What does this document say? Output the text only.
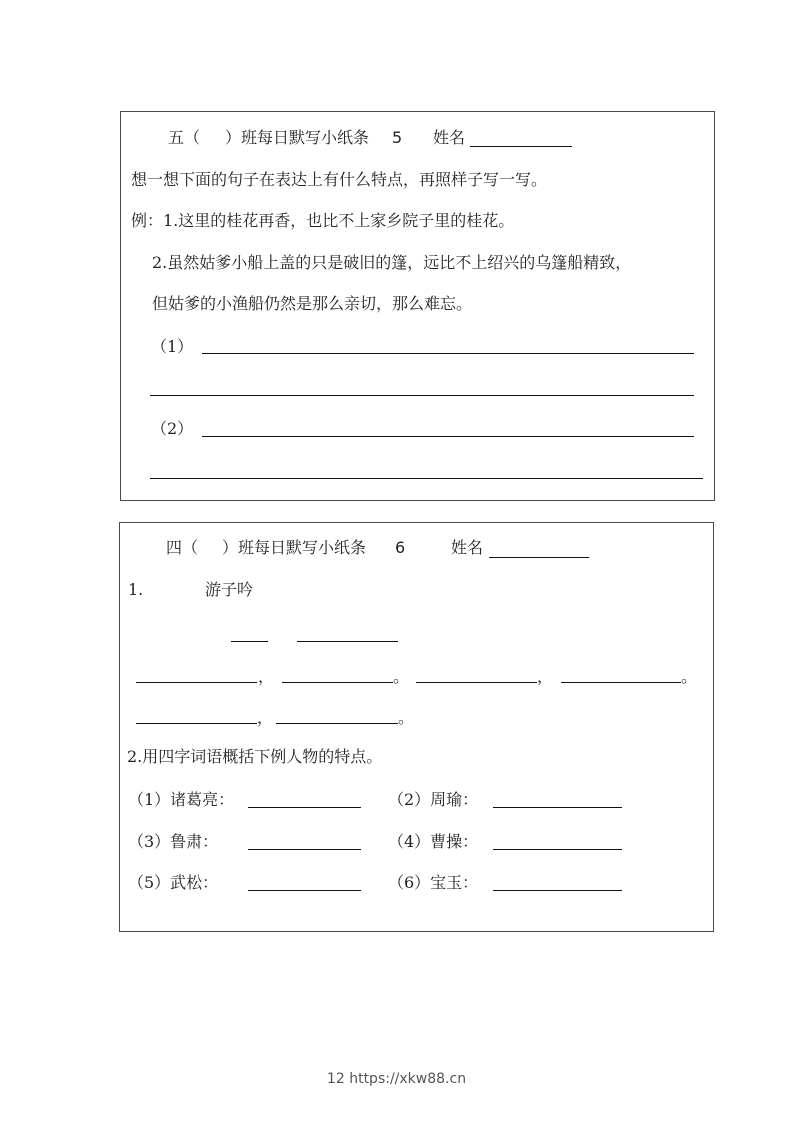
五（ ）班每日默写小纸条 5 姓名
想一想下面的句子在表达上有什么特点，再照样子写一写。
例：1.这里的桂花再香，也比不上家乡院子里的桂花。
2.虽然姑爹小船上盖的只是破旧的篷，远比不上绍兴的乌篷船精致，
但姑爹的小渔船仍然是那么亲切，那么难忘。
（1）
（2）
四（ ）班每日默写小纸条 6	姓名
1.	游子吟
，	。	，	。
，	。
2.用四字词语概括下例人物的特点。
（1）诸葛亮：	（2）周瑜：
（3）鲁肃：	（4）曹操：
（5）武松：	（6）宝玉：
12 https://xkw88.cn
